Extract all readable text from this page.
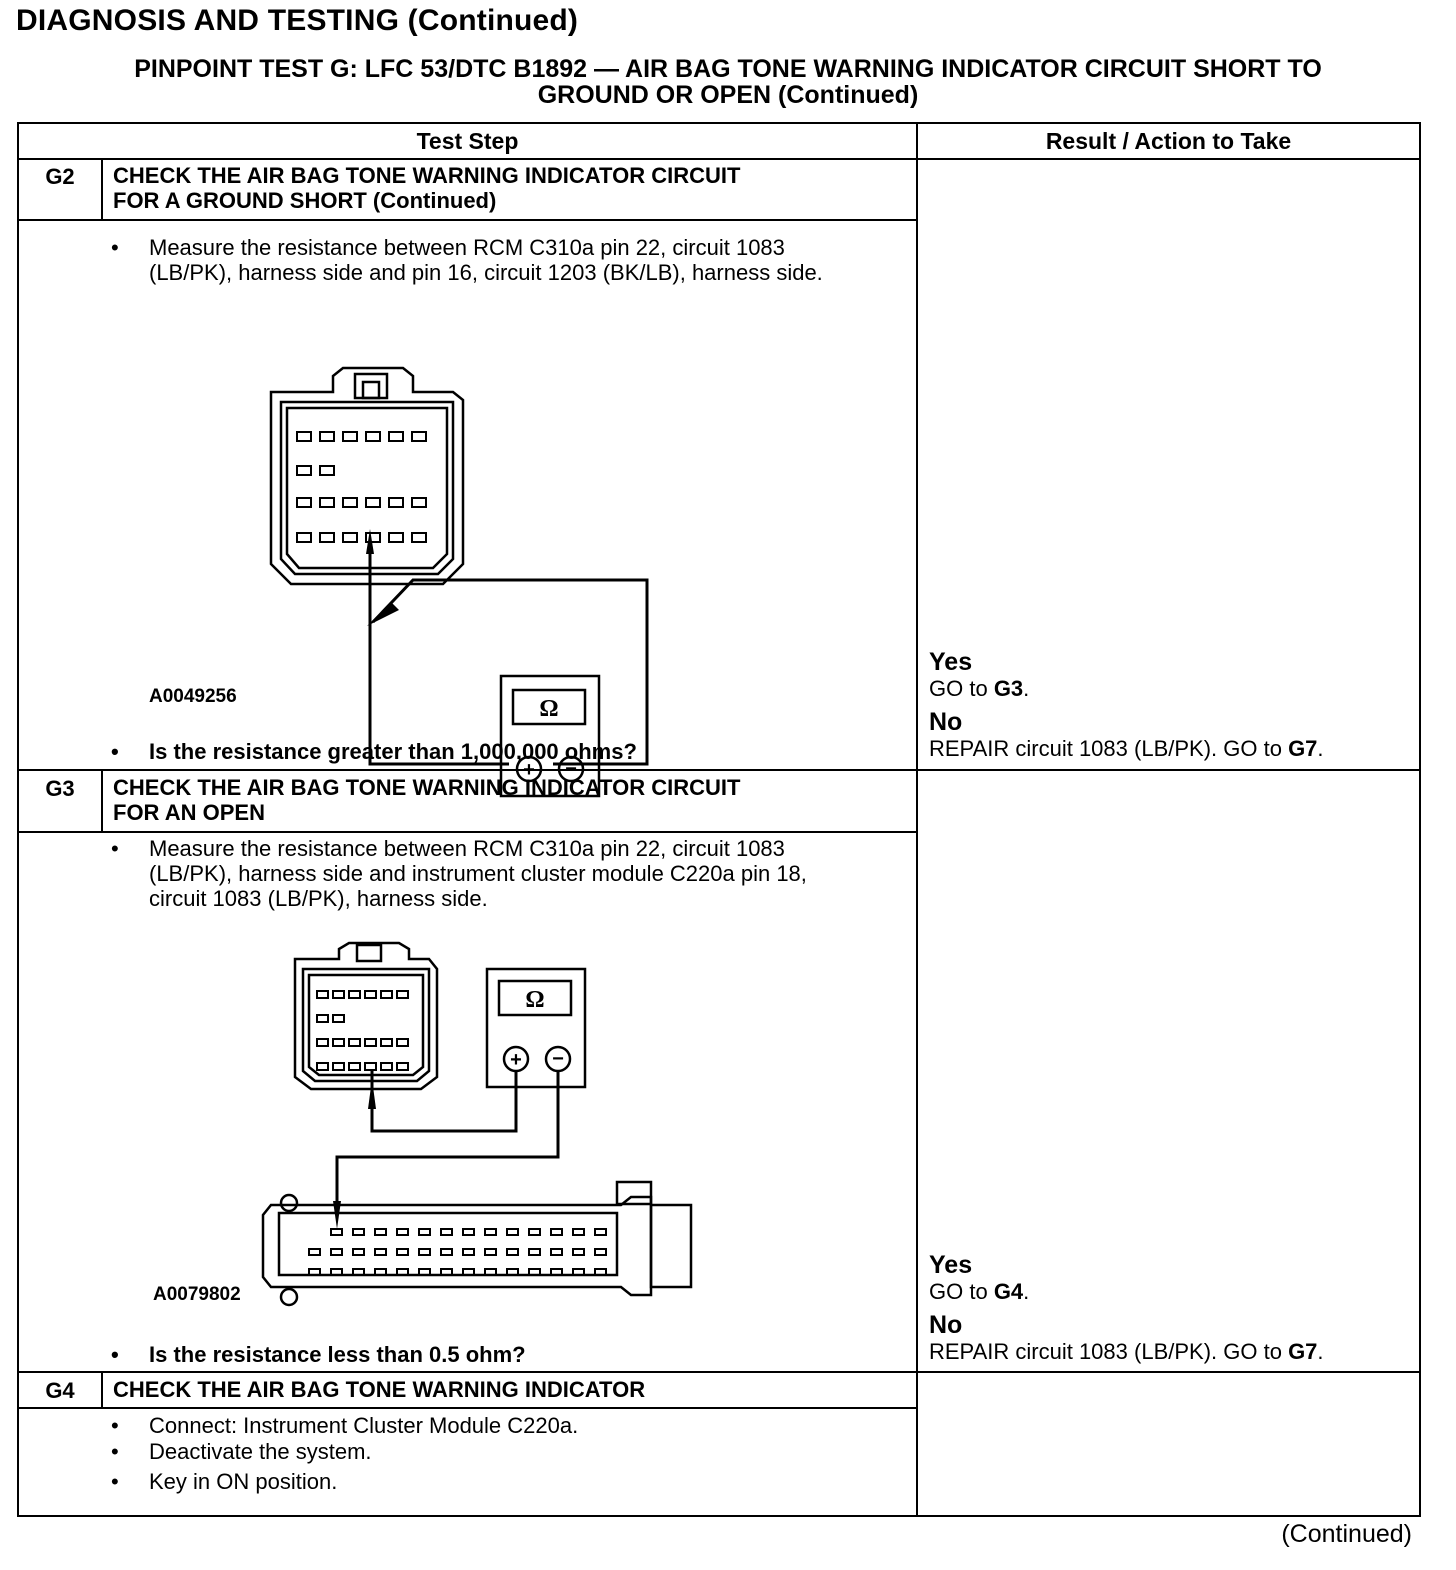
DIAGNOSIS AND TESTING (Continued)
PINPOINT TEST G: LFC 53/DTC B1892 — AIR BAG TONE WARNING INDICATOR CIRCUIT SHORT TO
GROUND OR OPEN (Continued)
Test Step	Result / Action to Take
G2	CHECK THE AIR BAG TONE WARNING INDICATOR CIRCUIT
FOR A GROUND SHORT (Continued)
• Measure the resistance between RCM C310a pin 22, circuit 1083 (LB/PK), harness side and pin 16, circuit 1203 (BK/LB), harness side.
Ω
A0049256
• Is the resistance greater than 1,000,000 ohms?
Yes
GO to G3.
No
REPAIR circuit 1083 (LB/PK). GO to G7.
G3	CHECK THE AIR BAG TONE WARNING INDICATOR CIRCUIT
FOR AN OPEN
• Measure the resistance between RCM C310a pin 22, circuit 1083 (LB/PK), harness side and instrument cluster module C220a pin 18, circuit 1083 (LB/PK), harness side.
Ω
+ −
A0079802
• Is the resistance less than 0.5 ohm?
Yes
GO to G4.
No
REPAIR circuit 1083 (LB/PK). GO to G7.
G4	CHECK THE AIR BAG TONE WARNING INDICATOR
• Connect: Instrument Cluster Module C220a.
• Deactivate the system.
• Key in ON position.
(Continued)
